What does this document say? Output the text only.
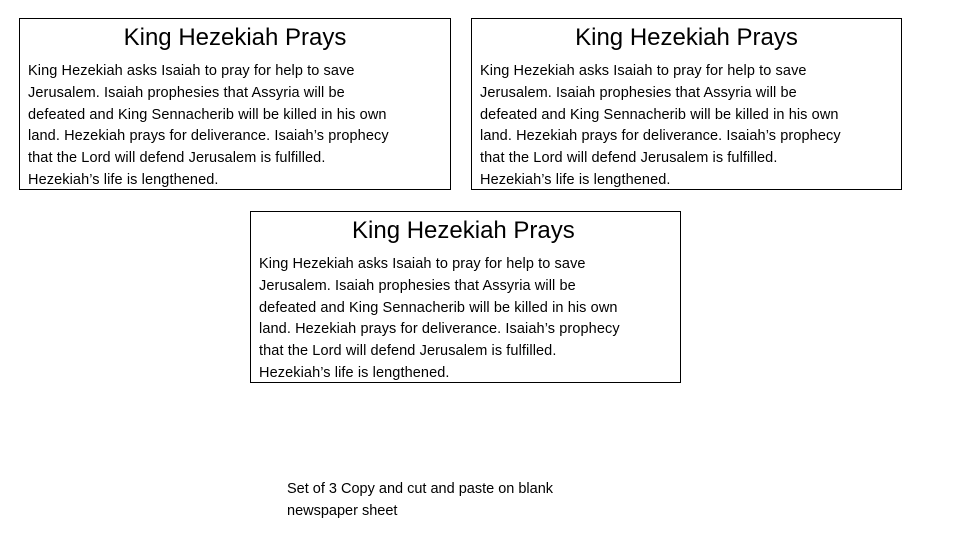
King Hezekiah Prays
King Hezekiah asks Isaiah to pray for help to save
Jerusalem. Isaiah prophesies that Assyria will be
defeated and King Sennacherib will be killed in his own
land. Hezekiah prays for deliverance. Isaiah’s prophecy
that the Lord will defend Jerusalem is fulfilled.
Hezekiah’s life is lengthened.
King Hezekiah Prays
King Hezekiah asks Isaiah to pray for help to save
Jerusalem. Isaiah prophesies that Assyria will be
defeated and King Sennacherib will be killed in his own
land. Hezekiah prays for deliverance. Isaiah’s prophecy
that the Lord will defend Jerusalem is fulfilled.
Hezekiah’s life is lengthened.
King Hezekiah Prays
King Hezekiah asks Isaiah to pray for help to save
Jerusalem. Isaiah prophesies that Assyria will be
defeated and King Sennacherib will be killed in his own
land. Hezekiah prays for deliverance. Isaiah’s prophecy
that the Lord will defend Jerusalem is fulfilled.
Hezekiah’s life is lengthened.
Set of 3 Copy and cut and paste on blank
newspaper sheet
